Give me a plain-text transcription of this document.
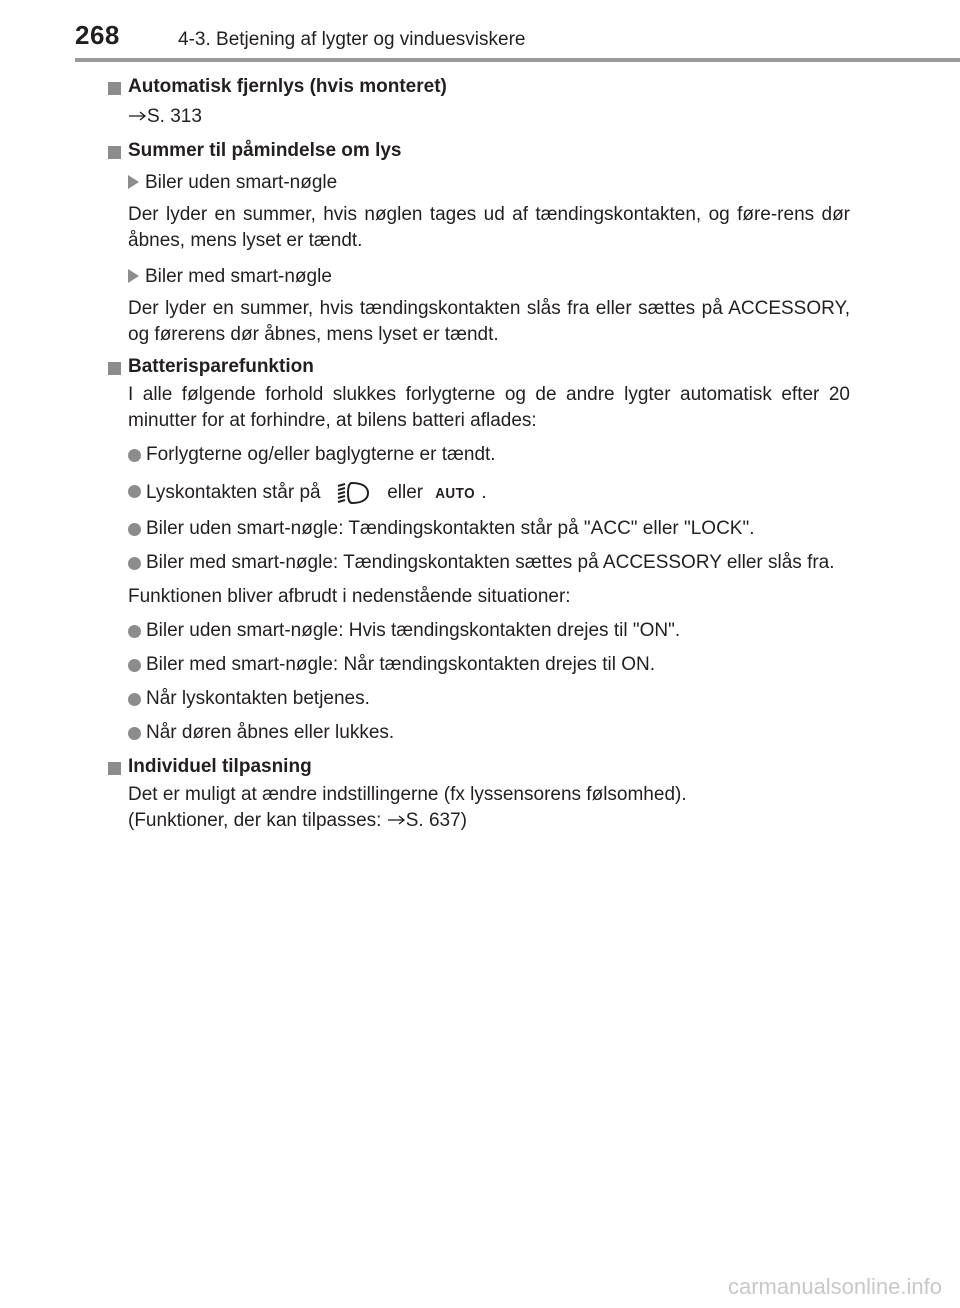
268	4-3. Betjening af lygter og vinduesviskere
Automatisk fjernlys (hvis monteret)
S. 313
Summer til påmindelse om lys
Biler uden smart-nøgle
Der lyder en summer, hvis nøglen tages ud af tændingskontakten, og føre-rens dør åbnes, mens lyset er tændt.
Biler med smart-nøgle
Der lyder en summer, hvis tændingskontakten slås fra eller sættes på ACCESSORY, og førerens dør åbnes, mens lyset er tændt.
Batterisparefunktion
I alle følgende forhold slukkes forlygterne og de andre lygter automatisk efter 20 minutter for at forhindre, at bilens batteri aflades:
Forlygterne og/eller baglygterne er tændt.
Lyskontakten står på	eller AUTO .
Biler uden smart-nøgle: Tændingskontakten står på "ACC" eller "LOCK".
Biler med smart-nøgle: Tændingskontakten sættes på ACCESSORY eller slås fra.
Funktionen bliver afbrudt i nedenstående situationer:
Biler uden smart-nøgle: Hvis tændingskontakten drejes til "ON".
Biler med smart-nøgle: Når tændingskontakten drejes til ON.
Når lyskontakten betjenes.
Når døren åbnes eller lukkes.
Individuel tilpasning
Det er muligt at ændre indstillingerne (fx lyssensorens følsomhed).
(Funktioner, der kan tilpasses: S. 637)
carmanualsonline.info
